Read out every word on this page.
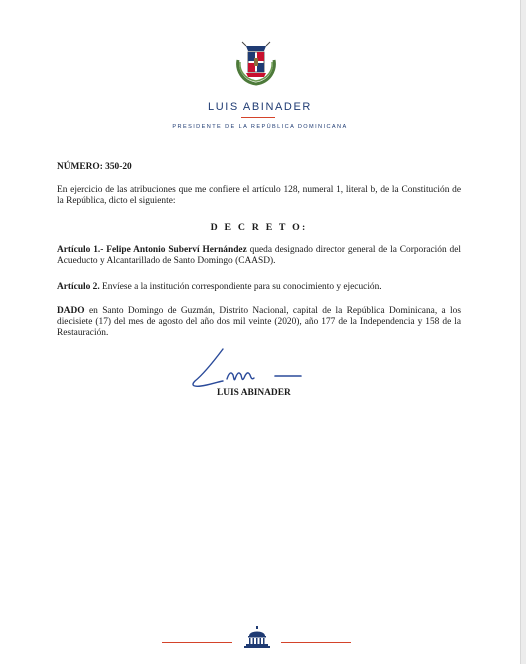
LUIS ABINADER
PRESIDENTE DE LA REPÚBLICA DOMINICANA
NÚMERO: 350-20
En ejercicio de las atribuciones que me confiere el artículo 128, numeral 1, literal b, de la Constitución de la República, dicto el siguiente:
D E C R E T O:
Artículo 1.- Felipe Antonio Suberví Hernández queda designado director general de la Corporación del Acueducto y Alcantarillado de Santo Domingo (CAASD).
Artículo 2. Envíese a la institución correspondiente para su conocimiento y ejecución.
DADO en Santo Domingo de Guzmán, Distrito Nacional, capital de la República Dominicana, a los diecisiete (17) del mes de agosto del año dos mil veinte (2020), año 177 de la Independencia y 158 de la Restauración.
LUIS ABINADER
